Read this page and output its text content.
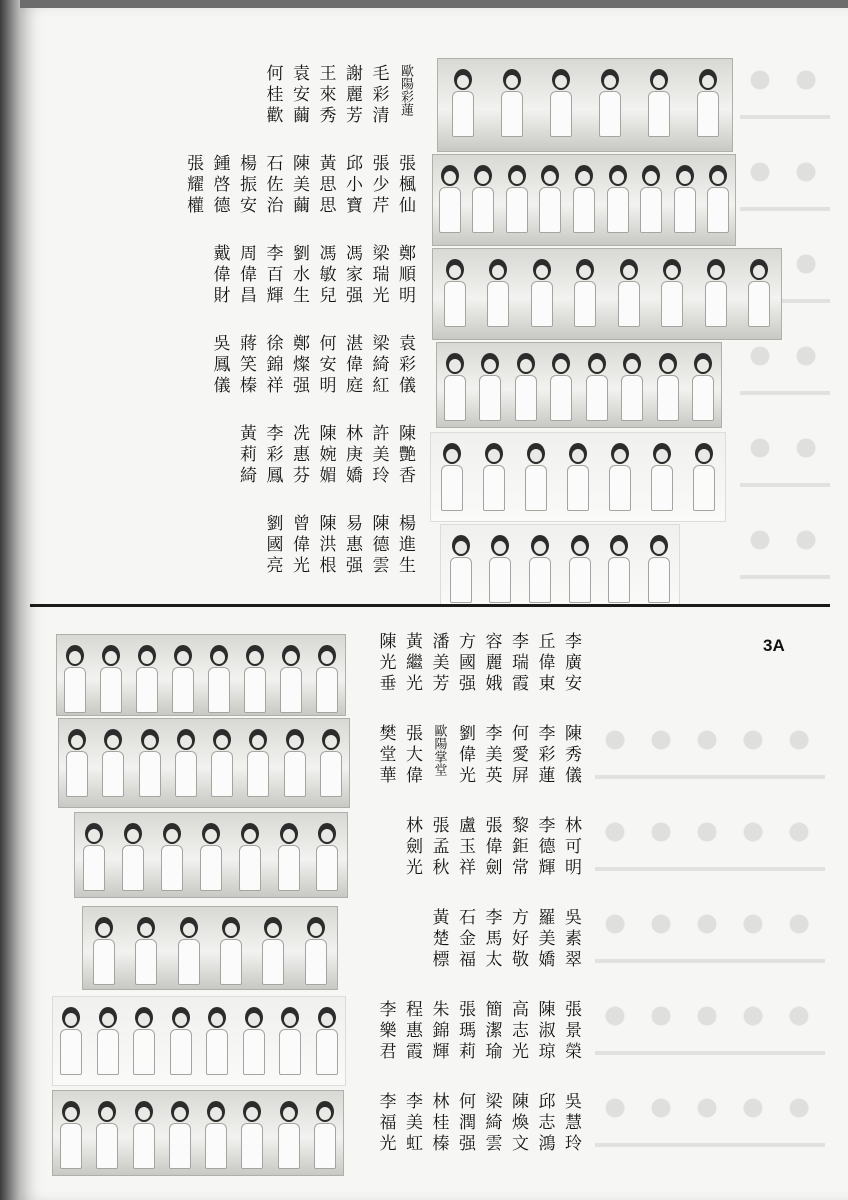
歐陽彩蓮
毛彩清
謝麗芳
王來秀
袁安繭
何桂歡
張楓仙
張少芹
邱小寶
黃思思
陳美繭
石佐治
楊振安
鍾啓德
張耀權
鄭順明
梁瑞光
馮家强
馮敏兒
劉水生
李百輝
周偉昌
戴偉財
袁彩儀
梁綺紅
湛偉庭
何安明
鄭燦强
徐錦祥
蔣笑榛
吳鳳儀
陳艷香
許美玲
林庚嬌
陳婉媚
冼惠芬
李彩鳳
黃莉綺
楊進生
陳德雲
易惠强
陳洪根
曾偉光
劉國亮
3A
李廣安
丘偉東
李瑞霞
容麗娥
方國强
潘美芳
黃繼光
陳光垂
陳秀儀
李彩蓮
何愛屏
李美英
劉偉光
歐陽掌堂
張大偉
樊堂華
林可明
李德輝
黎鉅常
張偉劍
盧玉祥
張孟秋
林劍光
吳素翠
羅美嬌
方好敬
李馬太
石金福
黃楚標
張景榮
陳淑琼
高志光
簡潔瑜
張瑪莉
朱錦輝
程惠霞
李樂君
吳慧玲
邱志鴻
陳煥文
梁綺雲
何潤强
林桂榛
李美虹
李福光
